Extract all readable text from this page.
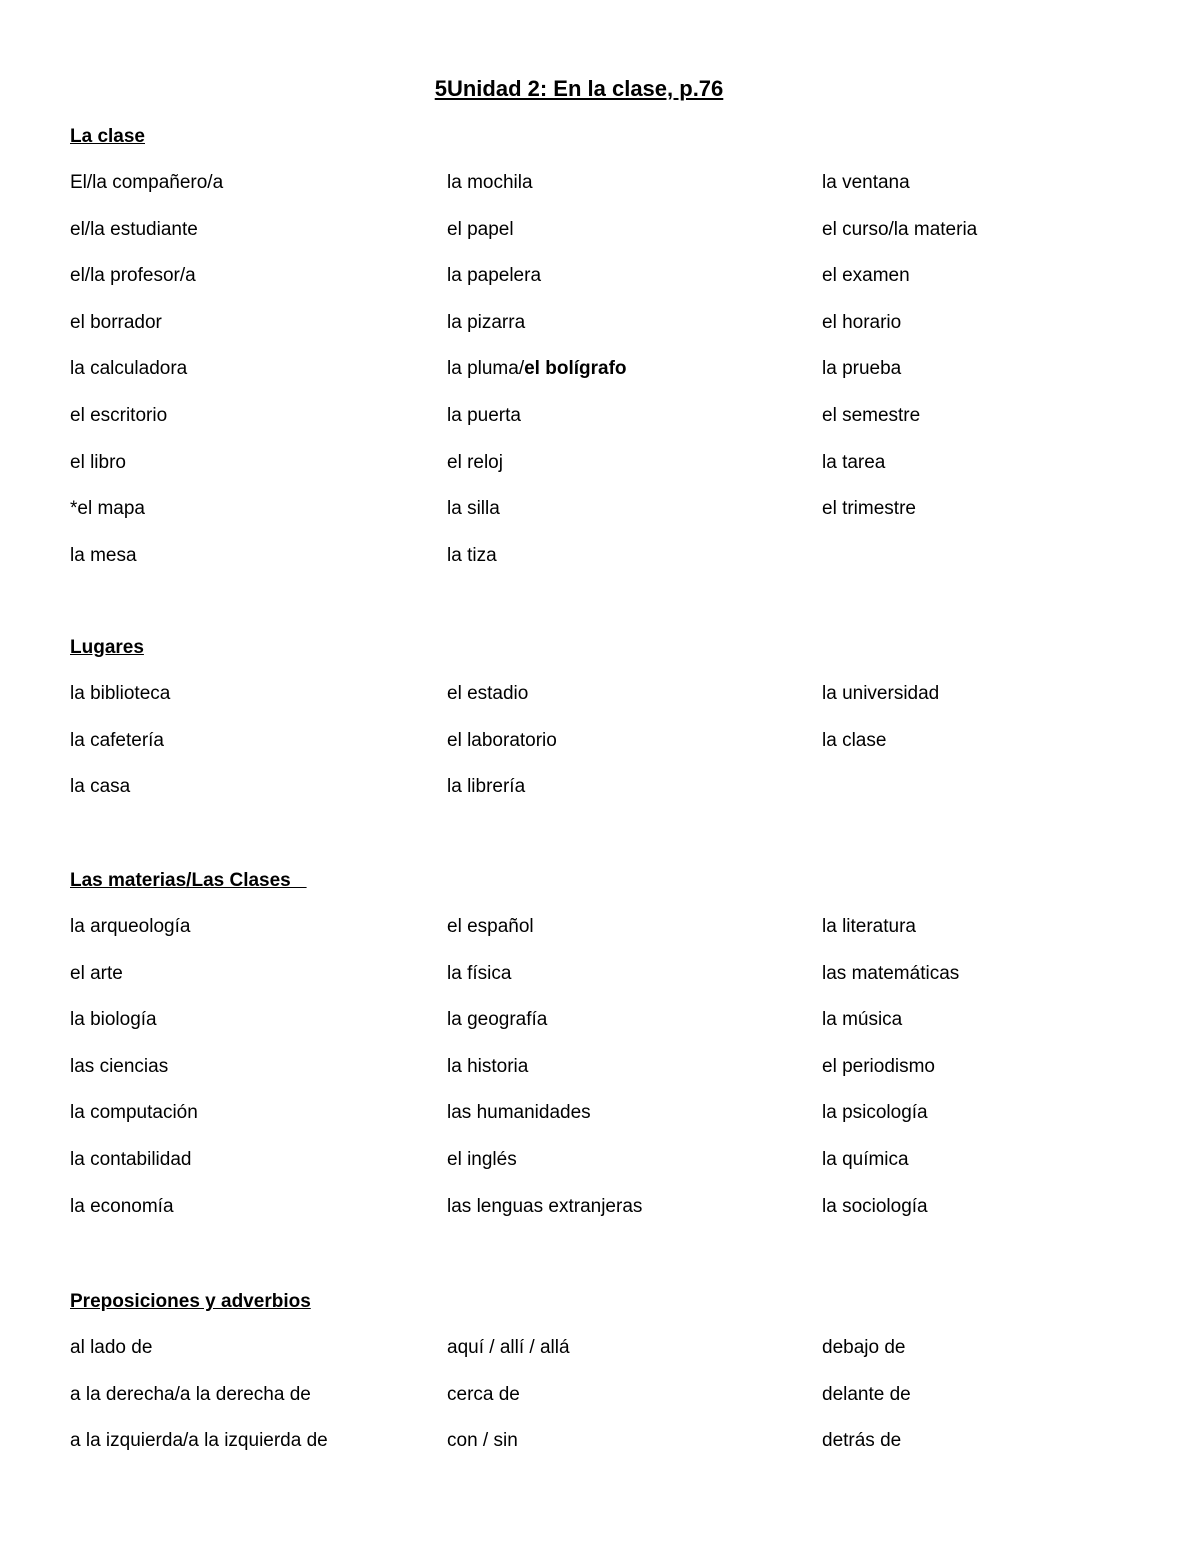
5Unidad 2: En la clase, p.76
La clase
El/la compañero/a	la mochila	la ventana
el/la estudiante	el papel	el curso/la materia
el/la profesor/a	la papelera	el examen
el borrador	la pizarra	el horario
la calculadora	la pluma/el bolígrafo	la prueba
el escritorio	la puerta	el semestre
el libro	el reloj	la tarea
*el mapa	la silla	el trimestre
la mesa	la tiza
Lugares
la biblioteca	el estadio	la universidad
la cafetería	el laboratorio	la clase
la casa	la librería
Las materias/Las Clases
la arqueología	el español	la literatura
el arte	la física	las matemáticas
la biología	la geografía	la música
las ciencias	la historia	el periodismo
la computación	las humanidades	la psicología
la contabilidad	el inglés	la química
la economía	las lenguas extranjeras	la sociología
Preposiciones y adverbios
al lado de	aquí / allí / allá	debajo de
a la derecha/a la derecha de	cerca de	delante de
a la izquierda/a la izquierda de	con / sin	detrás de
